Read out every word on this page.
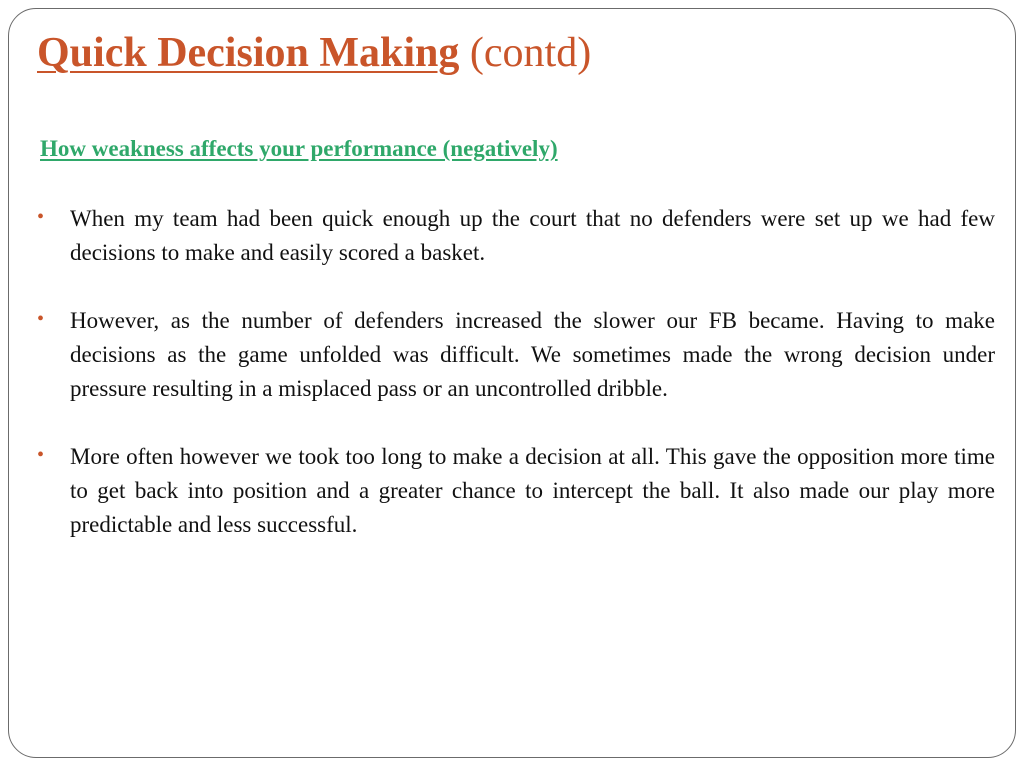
Quick Decision Making (contd)
How weakness affects your performance (negatively)
•	When my team had been quick enough up the court that no defenders were set up we had few decisions to make and easily scored a basket.
•	However, as the number of defenders increased the slower our FB became. Having to make decisions as the game unfolded was difficult. We sometimes made the wrong decision under pressure resulting in a misplaced pass or an uncontrolled dribble.
•	More often however we took too long to make a decision at all. This gave the opposition more time to get back into position and a greater chance to intercept the ball. It also made our play more predictable and less successful.
